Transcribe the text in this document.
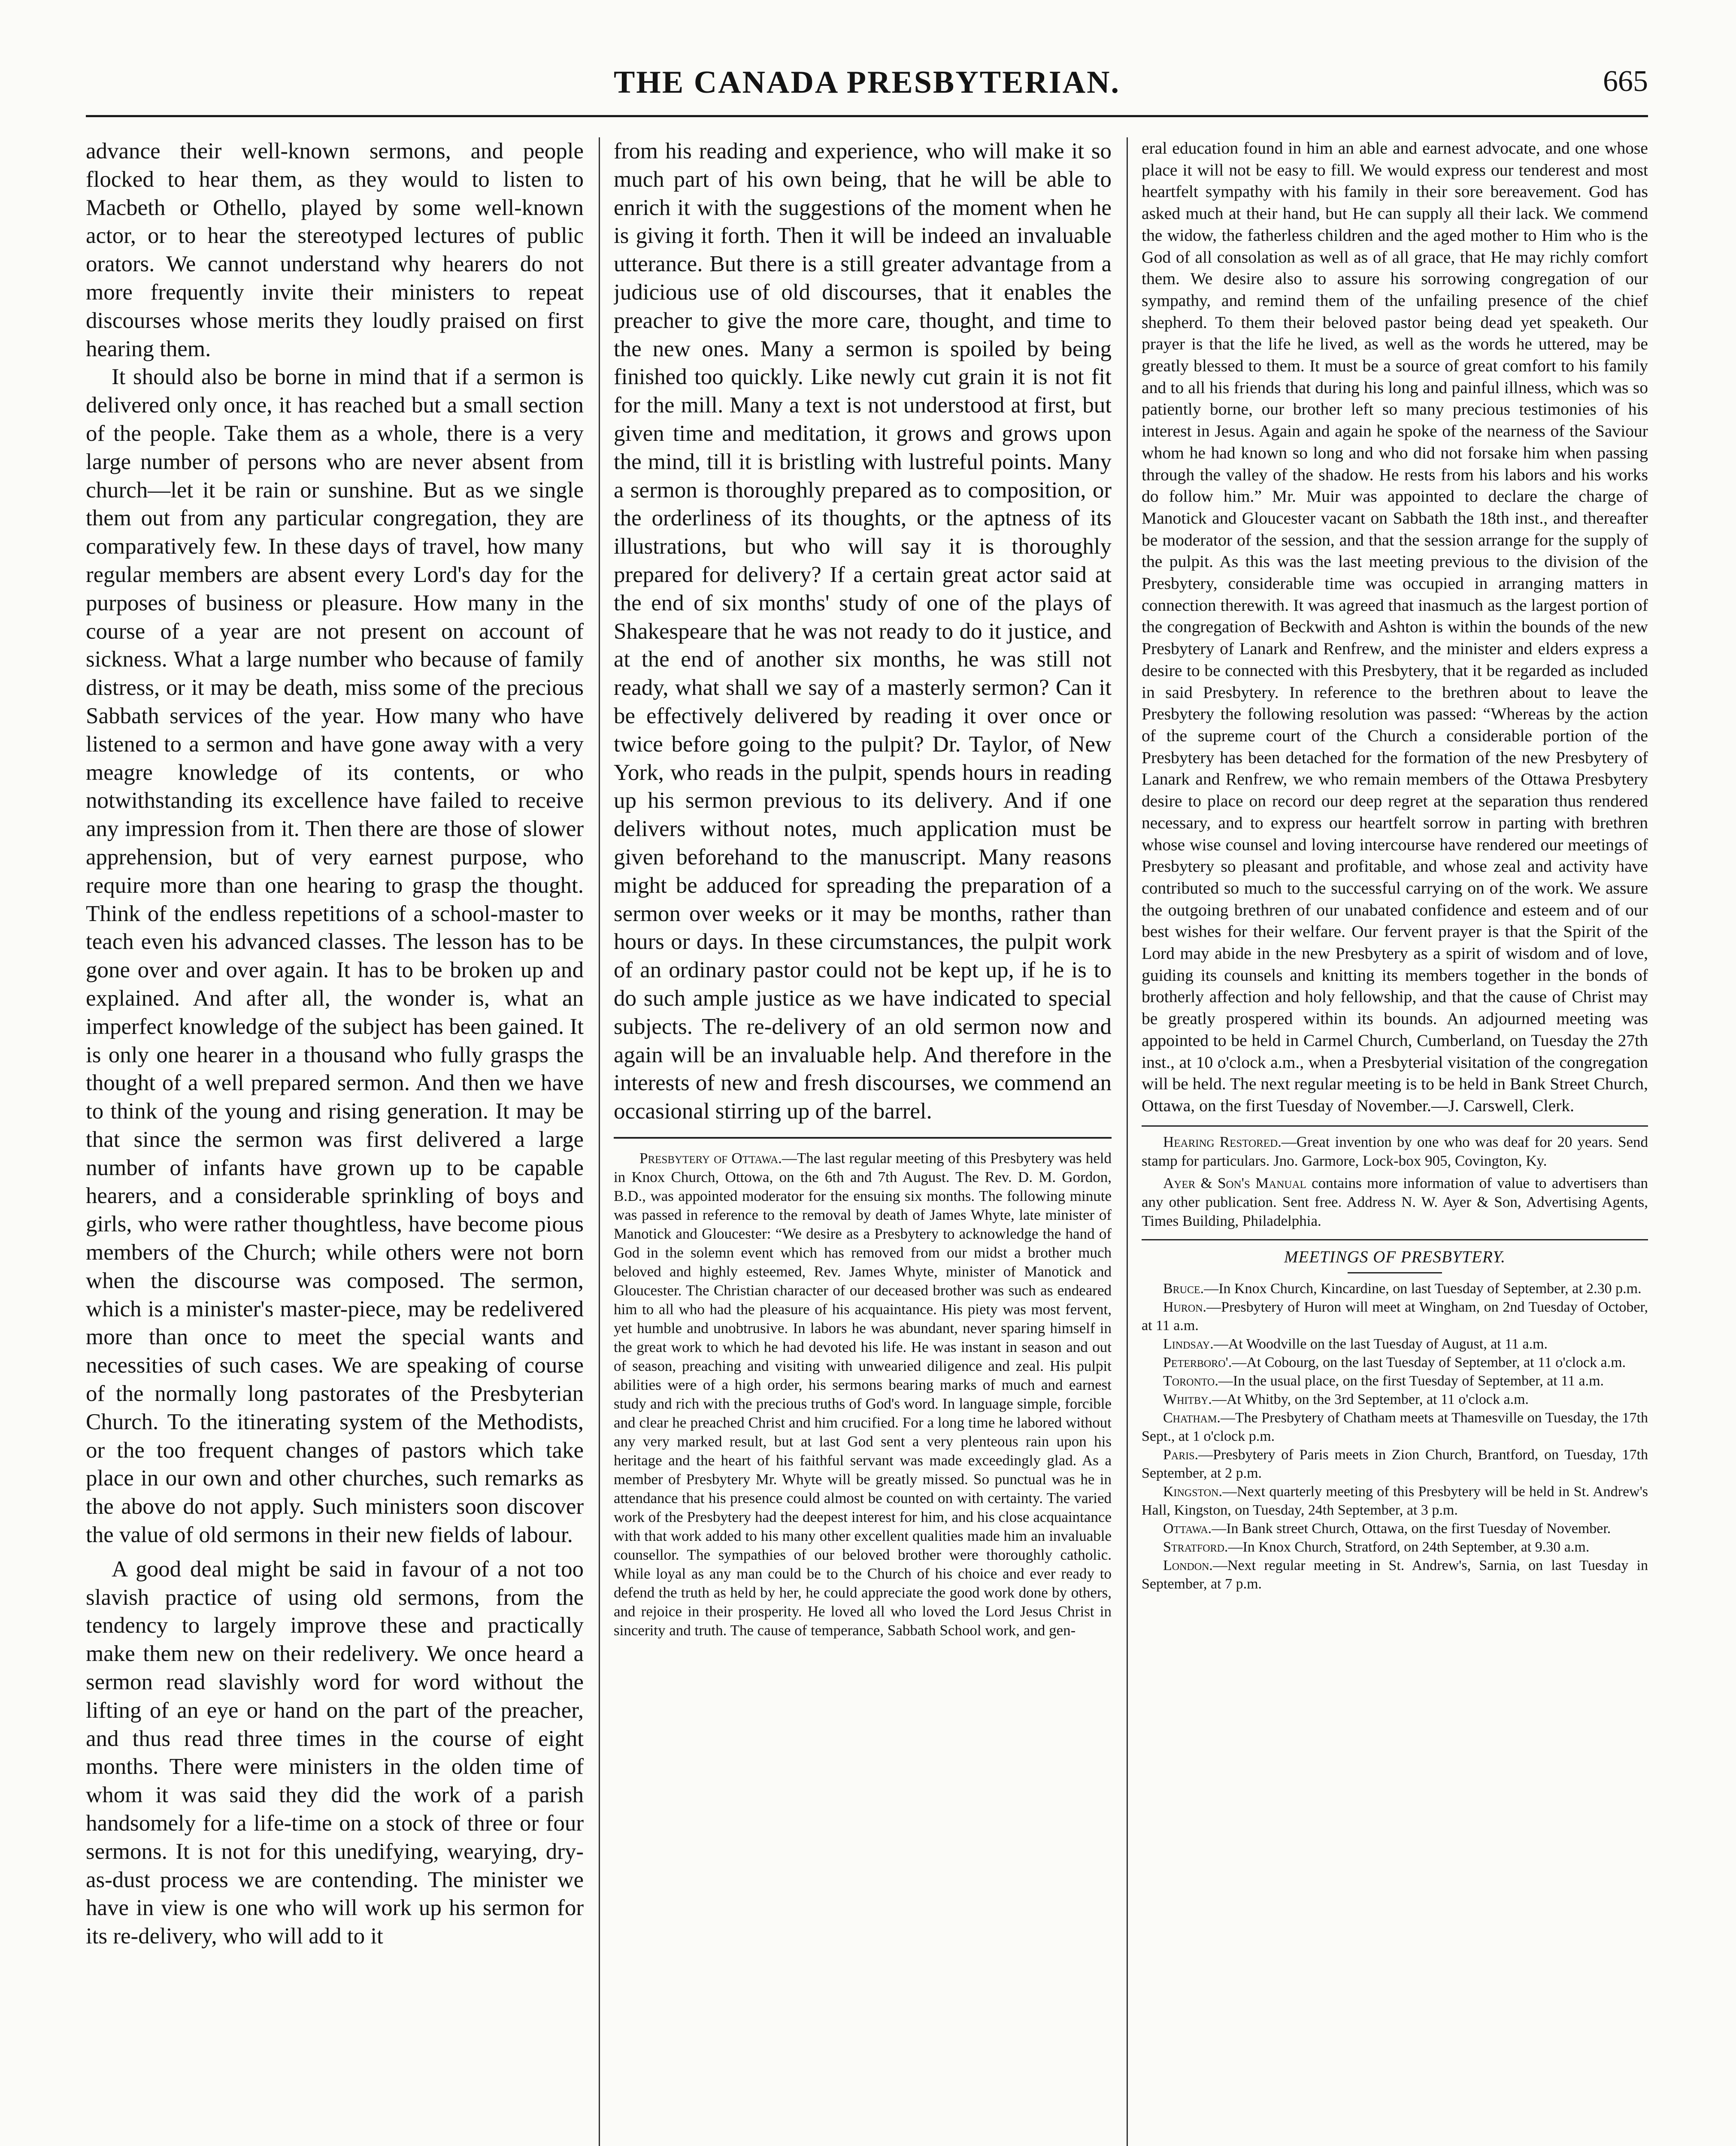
THE CANADA PRESBYTERIAN.	665

advance their well-known sermons, and people flocked to hear them, as they would to listen to Macbeth or Othello, played by some well-known actor, or to hear the stereotyped lectures of public orators. We cannot understand why hearers do not more frequently invite their ministers to repeat discourses whose merits they loudly praised on first hearing them.

It should also be borne in mind that if a sermon is delivered only once, it has reached but a small section of the people. Take them as a whole, there is a very large number of persons who are never absent from church—let it be rain or sunshine. But as we single them out from any particular congregation, they are comparatively few. In these days of travel, how many regular members are absent every Lord's day for the purposes of business or pleasure. How many in the course of a year are not present on account of sickness. What a large number who because of family distress, or it may be death, miss some of the precious Sabbath services of the year. How many who have listened to a sermon and have gone away with a very meagre knowledge of its contents, or who notwithstanding its excellence have failed to receive any impression from it. Then there are those of slower apprehension, but of very earnest purpose, who require more than one hearing to grasp the thought. Think of the endless repetitions of a school-master to teach even his advanced classes. The lesson has to be gone over and over again. It has to be broken up and explained. And after all, the wonder is, what an imperfect knowledge of the subject has been gained. It is only one hearer in a thousand who fully grasps the thought of a well prepared sermon. And then we have to think of the young and rising generation. It may be that since the sermon was first delivered a large number of infants have grown up to be capable hearers, and a considerable sprinkling of boys and girls, who were rather thoughtless, have become pious members of the Church; while others were not born when the discourse was composed. The sermon, which is a minister's master-piece, may be redelivered more than once to meet the special wants and necessities of such cases. We are speaking of course of the normally long pastorates of the Presbyterian Church. To the itinerating system of the Methodists, or the too frequent changes of pastors which take place in our own and other churches, such remarks as the above do not apply. Such ministers soon discover the value of old sermons in their new fields of labour.

A good deal might be said in favour of a not too slavish practice of using old sermons, from the tendency to largely improve these and practically make them new on their redelivery. We once heard a sermon read slavishly word for word without the lifting of an eye or hand on the part of the preacher, and thus read three times in the course of eight months. There were ministers in the olden time of whom it was said they did the work of a parish handsomely for a life-time on a stock of three or four sermons. It is not for this unedifying, wearying, dry-as-dust process we are contending. The minister we have in view is one who will work up his sermon for its re-delivery, who will add to it

from his reading and experience, who will make it so much part of his own being, that he will be able to enrich it with the suggestions of the moment when he is giving it forth. Then it will be indeed an invaluable utterance. But there is a still greater advantage from a judicious use of old discourses, that it enables the preacher to give the more care, thought, and time to the new ones. Many a sermon is spoiled by being finished too quickly. Like newly cut grain it is not fit for the mill. Many a text is not understood at first, but given time and meditation, it grows and grows upon the mind, till it is bristling with lustreful points. Many a sermon is thoroughly prepared as to composition, or the orderliness of its thoughts, or the aptness of its illustrations, but who will say it is thoroughly prepared for delivery? If a certain great actor said at the end of six months' study of one of the plays of Shakespeare that he was not ready to do it justice, and at the end of another six months, he was still not ready, what shall we say of a masterly sermon? Can it be effectively delivered by reading it over once or twice before going to the pulpit? Dr. Taylor, of New York, who reads in the pulpit, spends hours in reading up his sermon previous to its delivery. And if one delivers without notes, much application must be given beforehand to the manuscript. Many reasons might be adduced for spreading the preparation of a sermon over weeks or it may be months, rather than hours or days. In these circumstances, the pulpit work of an ordinary pastor could not be kept up, if he is to do such ample justice as we have indicated to special subjects. The re-delivery of an old sermon now and again will be an invaluable help. And therefore in the interests of new and fresh discourses, we commend an occasional stirring up of the barrel.

Presbytery of Ottawa.—The last regular meeting of this Presbytery was held in Knox Church, Ottowa, on the 6th and 7th August. The Rev. D. M. Gordon, B.D., was appointed moderator for the ensuing six months. The following minute was passed in reference to the removal by death of James Whyte, late minister of Manotick and Gloucester: “We desire as a Presbytery to acknowledge the hand of God in the solemn event which has removed from our midst a brother much beloved and highly esteemed, Rev. James Whyte, minister of Manotick and Gloucester. The Christian character of our deceased brother was such as endeared him to all who had the pleasure of his acquaintance. His piety was most fervent, yet humble and unobtrusive. In labors he was abundant, never sparing himself in the great work to which he had devoted his life. He was instant in season and out of season, preaching and visiting with unwearied diligence and zeal. His pulpit abilities were of a high order, his sermons bearing marks of much and earnest study and rich with the precious truths of God's word. In language simple, forcible and clear he preached Christ and him crucified. For a long time he labored without any very marked result, but at last God sent a very plenteous rain upon his heritage and the heart of his faithful servant was made exceedingly glad. As a member of Presbytery Mr. Whyte will be greatly missed. So punctual was he in attendance that his presence could almost be counted on with certainty. The varied work of the Presbytery had the deepest interest for him, and his close acquaintance with that work added to his many other excellent qualities made him an invaluable counsellor. The sympathies of our beloved brother were thoroughly catholic. While loyal as any man could be to the Church of his choice and ever ready to defend the truth as held by her, he could appreciate the good work done by others, and rejoice in their prosperity. He loved all who loved the Lord Jesus Christ in sincerity and truth. The cause of temperance, Sabbath School work, and gen-

eral education found in him an able and earnest advocate, and one whose place it will not be easy to fill. We would express our tenderest and most heartfelt sympathy with his family in their sore bereavement. God has asked much at their hand, but He can supply all their lack. We commend the widow, the fatherless children and the aged mother to Him who is the God of all consolation as well as of all grace, that He may richly comfort them. We desire also to assure his sorrowing congregation of our sympathy, and remind them of the unfailing presence of the chief shepherd. To them their beloved pastor being dead yet speaketh. Our prayer is that the life he lived, as well as the words he uttered, may be greatly blessed to them. It must be a source of great comfort to his family and to all his friends that during his long and painful illness, which was so patiently borne, our brother left so many precious testimonies of his interest in Jesus. Again and again he spoke of the nearness of the Saviour whom he had known so long and who did not forsake him when passing through the valley of the shadow. He rests from his labors and his works do follow him.” Mr. Muir was appointed to declare the charge of Manotick and Gloucester vacant on Sabbath the 18th inst., and thereafter be moderator of the session, and that the session arrange for the supply of the pulpit. As this was the last meeting previous to the division of the Presbytery, considerable time was occupied in arranging matters in connection therewith. It was agreed that inasmuch as the largest portion of the congregation of Beckwith and Ashton is within the bounds of the new Presbytery of Lanark and Renfrew, and the minister and elders express a desire to be connected with this Presbytery, that it be regarded as included in said Presbytery. In reference to the brethren about to leave the Presbytery the following resolution was passed: “Whereas by the action of the supreme court of the Church a considerable portion of the Presbytery has been detached for the formation of the new Presbytery of Lanark and Renfrew, we who remain members of the Ottawa Presbytery desire to place on record our deep regret at the separation thus rendered necessary, and to express our heartfelt sorrow in parting with brethren whose wise counsel and loving intercourse have rendered our meetings of Presbytery so pleasant and profitable, and whose zeal and activity have contributed so much to the successful carrying on of the work. We assure the outgoing brethren of our unabated confidence and esteem and of our best wishes for their welfare. Our fervent prayer is that the Spirit of the Lord may abide in the new Presbytery as a spirit of wisdom and of love, guiding its counsels and knitting its members together in the bonds of brotherly affection and holy fellowship, and that the cause of Christ may be greatly prospered within its bounds. An adjourned meeting was appointed to be held in Carmel Church, Cumberland, on Tuesday the 27th inst., at 10 o'clock a.m., when a Presbyterial visitation of the congregation will be held. The next regular meeting is to be held in Bank Street Church, Ottawa, on the first Tuesday of November.—J. Carswell, Clerk.

Hearing Restored.—Great invention by one who was deaf for 20 years. Send stamp for particulars. Jno. Garmore, Lock-box 905, Covington, Ky.

Ayer & Son's Manual contains more information of value to advertisers than any other publication. Sent free. Address N. W. Ayer & Son, Advertising Agents, Times Building, Philadelphia.

MEETINGS OF PRESBYTERY.

Bruce.—In Knox Church, Kincardine, on last Tuesday of September, at 2.30 p.m.

Huron.—Presbytery of Huron will meet at Wingham, on 2nd Tuesday of October, at 11 a.m.

Lindsay.—At Woodville on the last Tuesday of August, at 11 a.m.

Peterboro'.—At Cobourg, on the last Tuesday of September, at 11 o'clock a.m.

Toronto.—In the usual place, on the first Tuesday of September, at 11 a.m.

Whitby.—At Whitby, on the 3rd September, at 11 o'clock a.m.

Chatham.—The Presbytery of Chatham meets at Thamesville on Tuesday, the 17th Sept., at 1 o'clock p.m.

Paris.—Presbytery of Paris meets in Zion Church, Brantford, on Tuesday, 17th September, at 2 p.m.

Kingston.—Next quarterly meeting of this Presbytery will be held in St. Andrew's Hall, Kingston, on Tuesday, 24th September, at 3 p.m.

Ottawa.—In Bank street Church, Ottawa, on the first Tuesday of November.

Stratford.—In Knox Church, Stratford, on 24th September, at 9.30 a.m.

London.—Next regular meeting in St. Andrew's, Sarnia, on last Tuesday in September, at 7 p.m.
